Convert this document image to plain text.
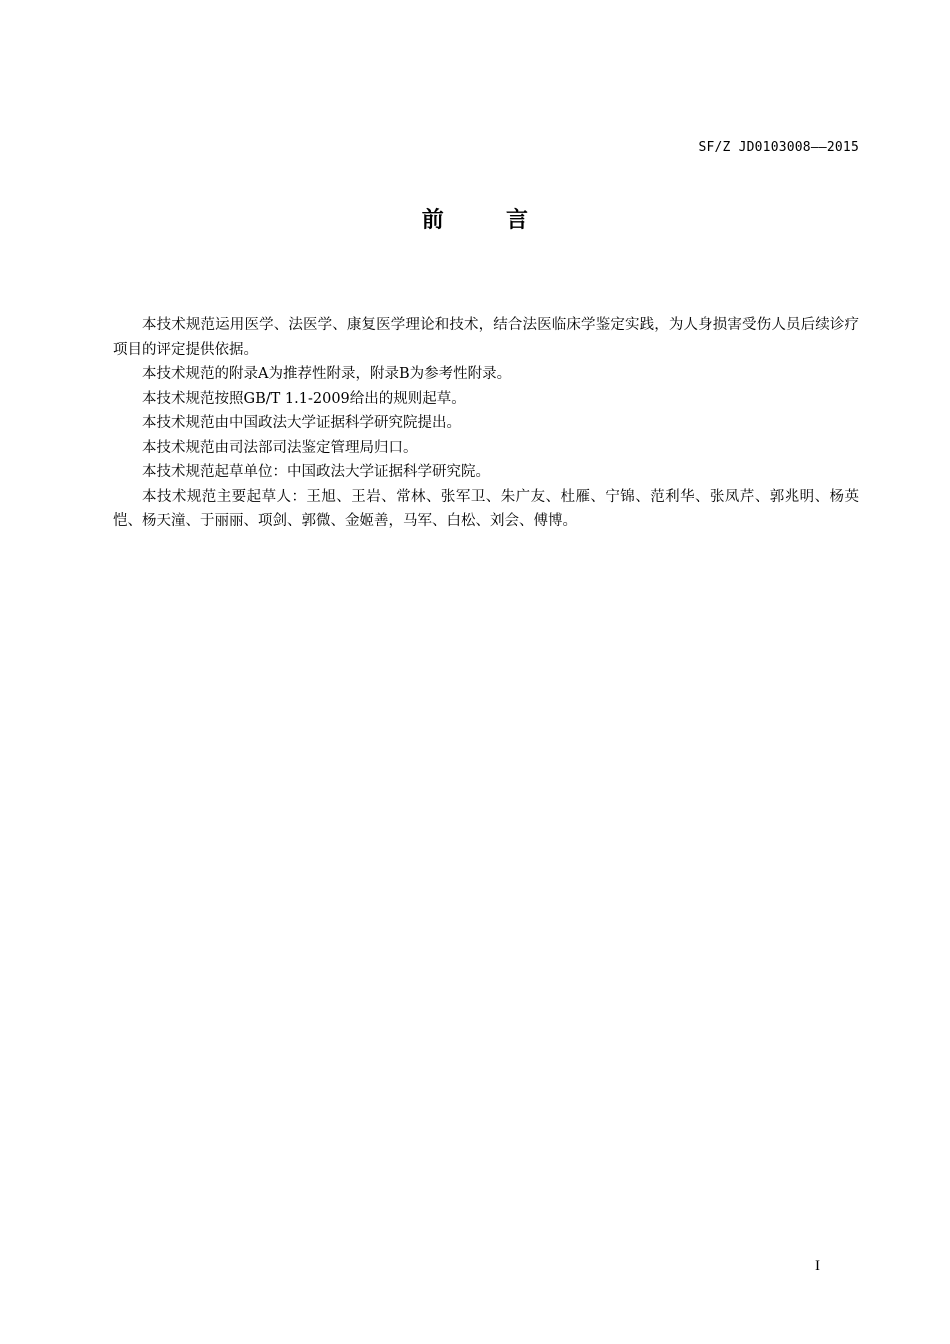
SF/Z JD0103008——2015
前	言

本技术规范运用医学、法医学、康复医学理论和技术，结合法医临床学鉴定实践，为人身损害受伤人员后续诊疗项目的评定提供依据。

本技术规范的附录A为推荐性附录，附录B为参考性附录。

本技术规范按照GB/T 1.1-2009给出的规则起草。

本技术规范由中国政法大学证据科学研究院提出。

本技术规范由司法部司法鉴定管理局归口。

本技术规范起草单位：中国政法大学证据科学研究院。

本技术规范主要起草人：王旭、王岩、常林、张军卫、朱广友、杜雁、宁锦、范利华、张凤芹、郭兆明、杨英恺、杨天潼、于丽丽、项剑、郭微、金姬善，马军、白松、刘会、傅博。

I
